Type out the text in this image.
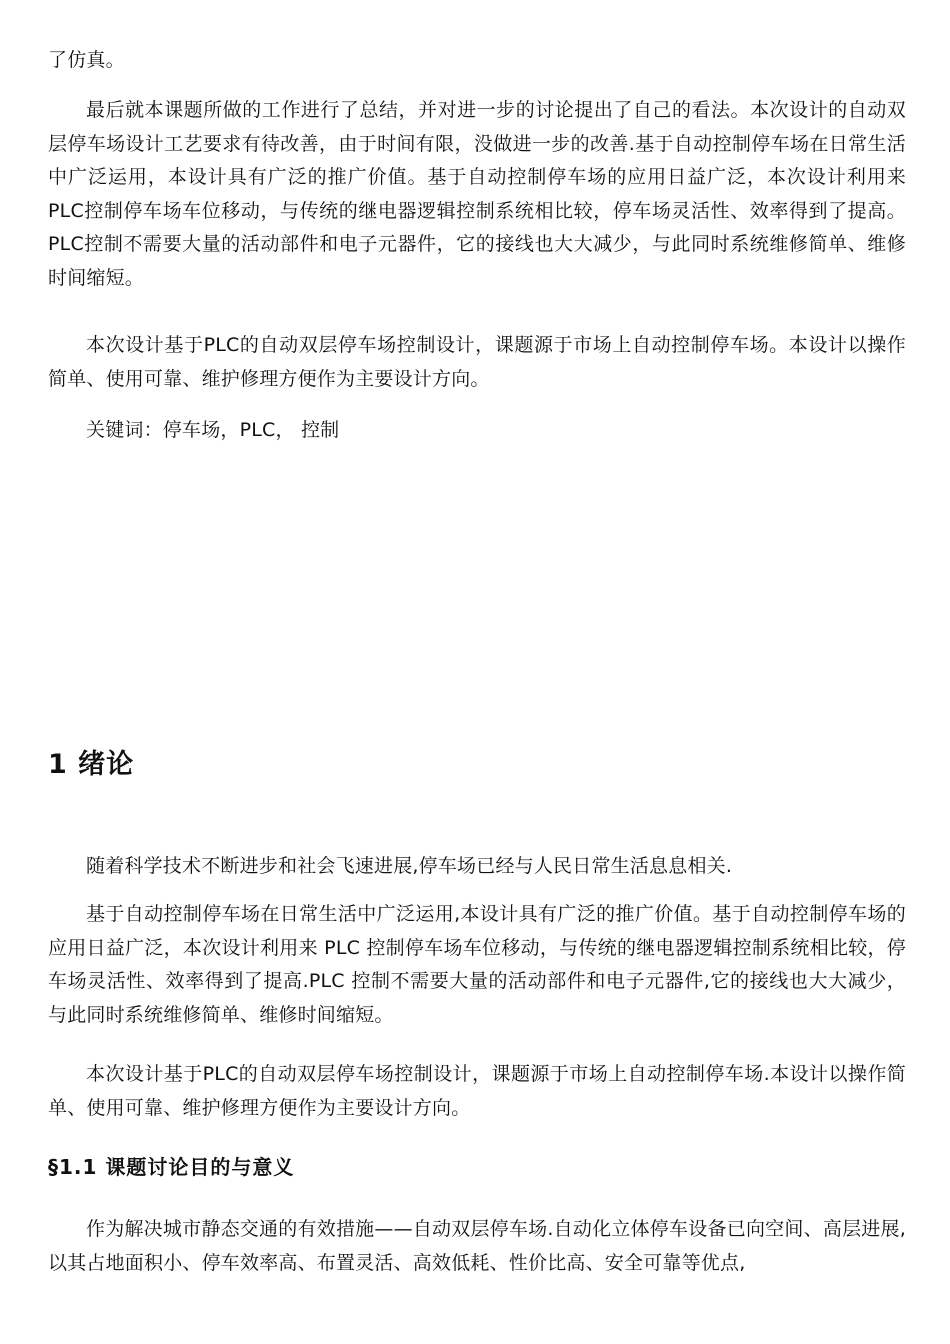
了仿真。

最后就本课题所做的工作进行了总结，并对进一步的讨论提出了自己的看法。本次设计的自动双层停车场设计工艺要求有待改善，由于时间有限，没做进一步的改善.基于自动控制停车场在日常生活中广泛运用，本设计具有广泛的推广价值。基于自动控制停车场的应用日益广泛，本次设计利用来PLC控制停车场车位移动，与传统的继电器逻辑控制系统相比较，停车场灵活性、效率得到了提高。PLC控制不需要大量的活动部件和电子元器件，它的接线也大大减少，与此同时系统维修简单、维修时间缩短。

本次设计基于PLC的自动双层停车场控制设计，课题源于市场上自动控制停车场。本设计以操作简单、使用可靠、维护修理方便作为主要设计方向。

关键词：停车场，PLC， 控制

1 绪论

随着科学技术不断进步和社会飞速进展,停车场已经与人民日常生活息息相关.

基于自动控制停车场在日常生活中广泛运用,本设计具有广泛的推广价值。基于自动控制停车场的应用日益广泛，本次设计利用来 PLC 控制停车场车位移动，与传统的继电器逻辑控制系统相比较，停车场灵活性、效率得到了提高.PLC 控制不需要大量的活动部件和电子元器件,它的接线也大大减少，与此同时系统维修简单、维修时间缩短。

本次设计基于PLC的自动双层停车场控制设计，课题源于市场上自动控制停车场.本设计以操作简单、使用可靠、维护修理方便作为主要设计方向。

§1.1 课题讨论目的与意义

作为解决城市静态交通的有效措施——自动双层停车场.自动化立体停车设备已向空间、高层进展,以其占地面积小、停车效率高、布置灵活、高效低耗、性价比高、安全可靠等优点,
